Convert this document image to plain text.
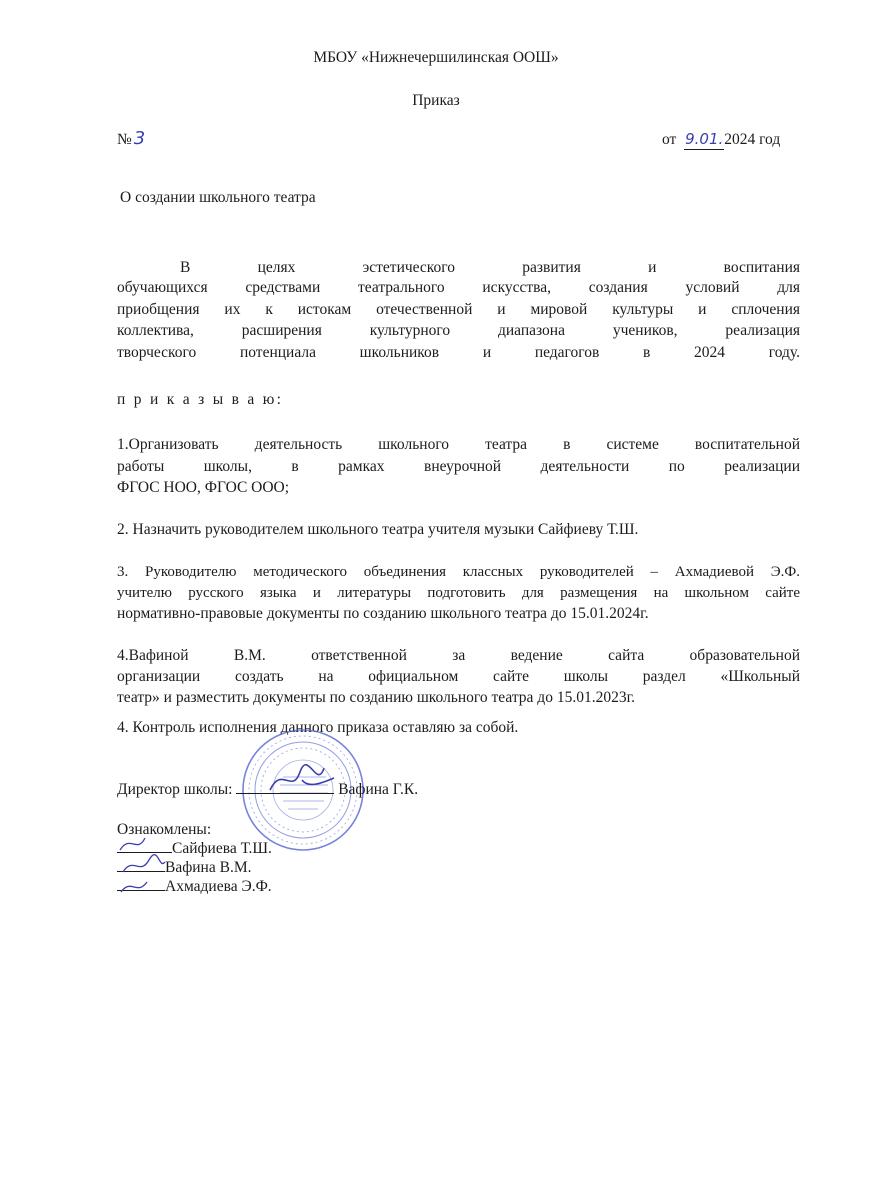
МБОУ «Нижнечершилинская ООШ»
Приказ
№ 3	от 9.01.2024 год
О создании школьного театра
В целях эстетического развития и воспитания
обучающихся средствами театрального искусства, создания условий для
приобщения их к истокам отечественной и мировой культуры и сплочения
коллектива, расширения культурного диапазона учеников, реализация
творческого потенциала школьников и педагогов в 2024 году.
п р и к а з ы в а ю:
1.Организовать деятельность школьного театра в системе воспитательной
работы школы, в рамках внеурочной деятельности по реализации
ФГОС НОО, ФГОС ООО;
2. Назначить руководителем школьного театра учителя музыки Сайфиеву Т.Ш.
3. Руководителю методического объединения классных руководителей – Ахмадиевой Э.Ф.
учителю русского языка и литературы подготовить для размещения на школьном сайте
нормативно-правовые документы по созданию школьного театра до 15.01.2024г.
4.Вафиной В.М. ответственной за ведение сайта образовательной
организации создать на официальном сайте школы раздел «Школьный
театр» и разместить документы по созданию школьного театра до 15.01.2023г.
4. Контроль исполнения данного приказа оставляю за собой.
Директор школы:	Вафина Г.К.
Ознакомлены:
Сайфиева Т.Ш.
Вафина В.М.
Ахмадиева Э.Ф.
